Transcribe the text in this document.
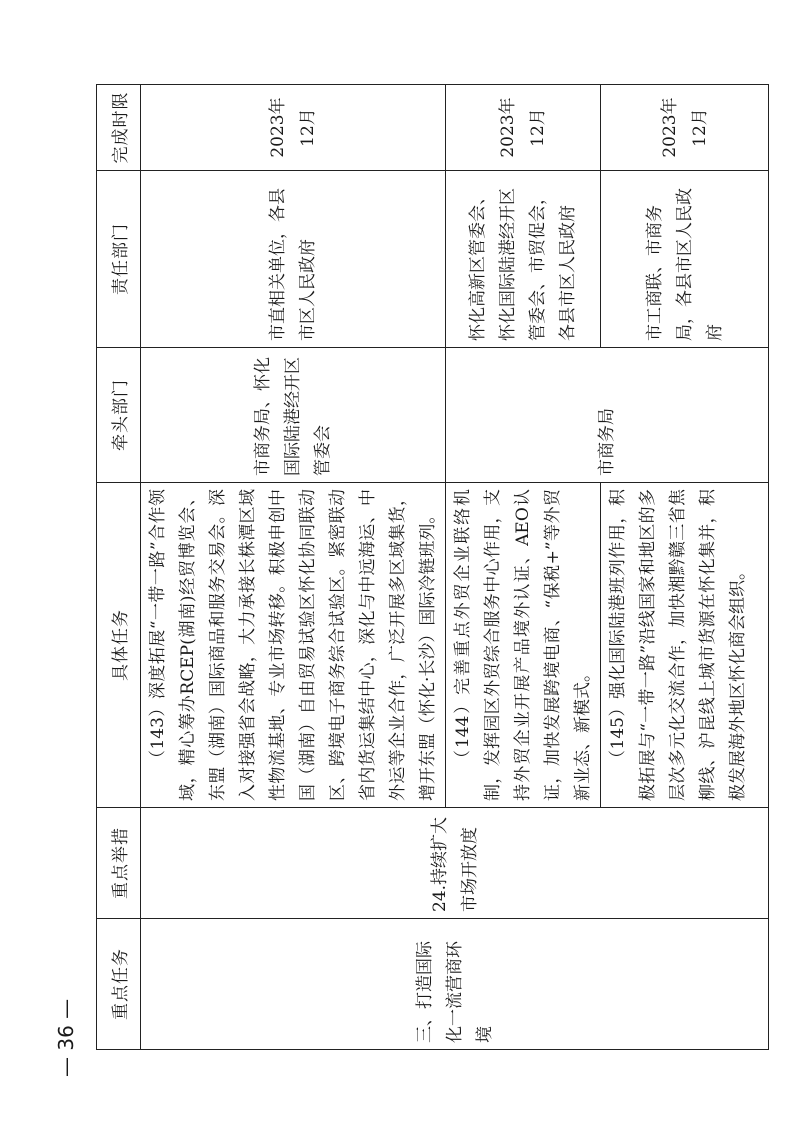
— 36 —
重点任务	重点举措	具体任务	牵头部门	责任部门	完成时限

三、打造国际化一流营商环境	24.持续扩大市场开放度	（143）深度拓展“一带一路”合作领域，精心筹办RCEP(湖南)经贸博览会、东盟（湖南）国际商品和服务交易会。深入对接强省会战略，大力承接长株潭区域性物流基地、专业市场转移。积极申创中国（湖南）自由贸易试验区怀化协同联动区、跨境电子商务综合试验区。紧密联动省内货运集结中心，深化与中远海运、中外运等企业合作，广泛开展多区域集货，增开东盟（怀化·长沙）国际冷链班列。	市商务局、怀化国际陆港经开区管委会	市直相关单位，各县市区人民政府	2023年12月

		（144）完善重点外贸企业联络机制，发挥园区外贸综合服务中心作用，支持外贸企业开展产品境外认证、AEO认证，加快发展跨境电商、“保税+”等外贸新业态、新模式。	市商务局	怀化高新区管委会、怀化国际陆港经开区管委会、市贸促会，各县市区人民政府	2023年12月

		（145）强化国际陆港班列作用，积极拓展与“一带一路”沿线国家和地区的多层次多元化交流合作，加快湘黔赣三省焦柳线、沪昆线上城市货源在怀化集并，积极发展海外地区怀化商会组织。		市工商联、市商务局，各县市区人民政府	2023年12月
